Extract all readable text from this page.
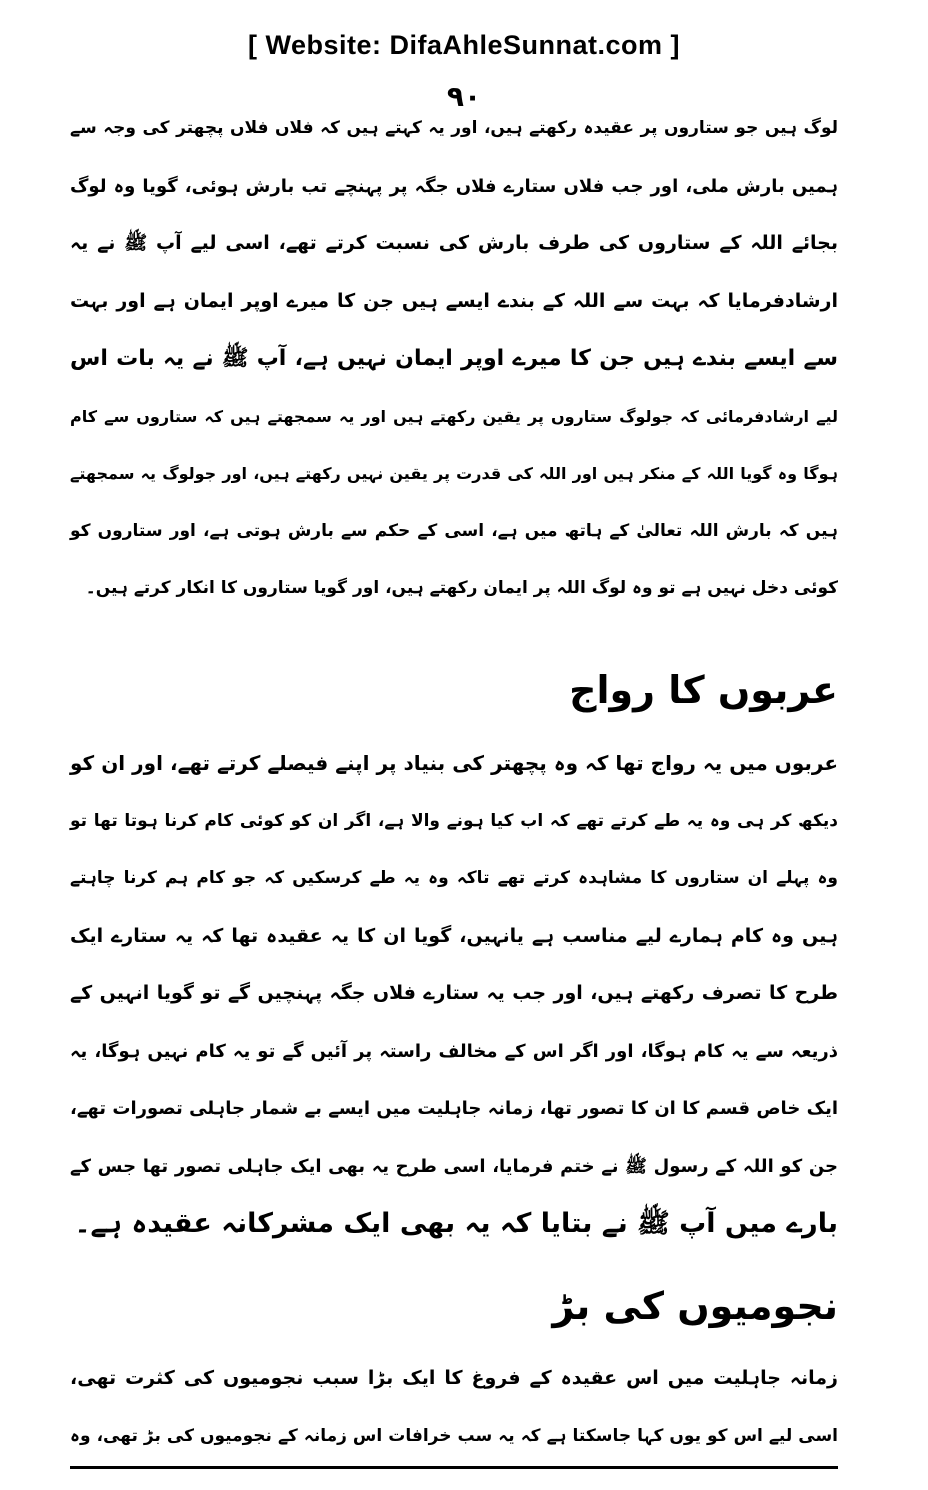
[ Website: DifaAhleSunnat.com ]
٩٠
لوگ ہیں جو ستاروں پر عقیدہ رکھتے ہیں، اور یہ کہتے ہیں کہ فلاں فلاں پچھتر کی وجہ سے
ہمیں بارش ملی، اور جب فلاں ستارے فلاں جگہ پر پہنچے تب بارش ہوئی، گویا وہ لوگ
بجائے اللہ کے ستاروں کی طرف بارش کی نسبت کرتے تھے، اسی لیے آپ ﷺ نے یہ
ارشادفرمایا کہ بہت سے اللہ کے بندے ایسے ہیں جن کا میرے اوپر ایمان ہے اور بہت
سے ایسے بندے ہیں جن کا میرے اوپر ایمان نہیں ہے، آپ ﷺ نے یہ بات اس
لیے ارشادفرمائی کہ جولوگ ستاروں پر یقین رکھتے ہیں اور یہ سمجھتے ہیں کہ ستاروں سے کام
ہوگا وہ گویا اللہ کے منکر ہیں اور اللہ کی قدرت پر یقین نہیں رکھتے ہیں، اور جولوگ یہ سمجھتے
ہیں کہ بارش اللہ تعالیٰ کے ہاتھ میں ہے، اسی کے حکم سے بارش ہوتی ہے، اور ستاروں کو
کوئی دخل نہیں ہے تو وہ لوگ اللہ پر ایمان رکھتے ہیں، اور گویا ستاروں کا انکار کرتے ہیں۔
عربوں کا رواج
عربوں میں یہ رواج تھا کہ وہ پچھتر کی بنیاد پر اپنے فیصلے کرتے تھے، اور ان کو
دیکھ کر ہی وہ یہ طے کرتے تھے کہ اب کیا ہونے والا ہے، اگر ان کو کوئی کام کرنا ہوتا تھا تو
وہ پہلے ان ستاروں کا مشاہدہ کرتے تھے تاکہ وہ یہ طے کرسکیں کہ جو کام ہم کرنا چاہتے
ہیں وہ کام ہمارے لیے مناسب ہے یانہیں، گویا ان کا یہ عقیدہ تھا کہ یہ ستارے ایک
طرح کا تصرف رکھتے ہیں، اور جب یہ ستارے فلاں جگہ پہنچیں گے تو گویا انہیں کے
ذریعہ سے یہ کام ہوگا، اور اگر اس کے مخالف راستہ پر آئیں گے تو یہ کام نہیں ہوگا، یہ
ایک خاص قسم کا ان کا تصور تھا، زمانہ جاہلیت میں ایسے بے شمار جاہلی تصورات تھے،
جن کو اللہ کے رسول ﷺ نے ختم فرمایا، اسی طرح یہ بھی ایک جاہلی تصور تھا جس کے
بارے میں آپ ﷺ نے بتایا کہ یہ بھی ایک مشرکانہ عقیدہ ہے۔
نجومیوں کی بڑ
زمانہ جاہلیت میں اس عقیدہ کے فروغ کا ایک بڑا سبب نجومیوں کی کثرت تھی،
اسی لیے اس کو یوں کہا جاسکتا ہے کہ یہ سب خرافات اس زمانہ کے نجومیوں کی بڑ تھی، وہ
